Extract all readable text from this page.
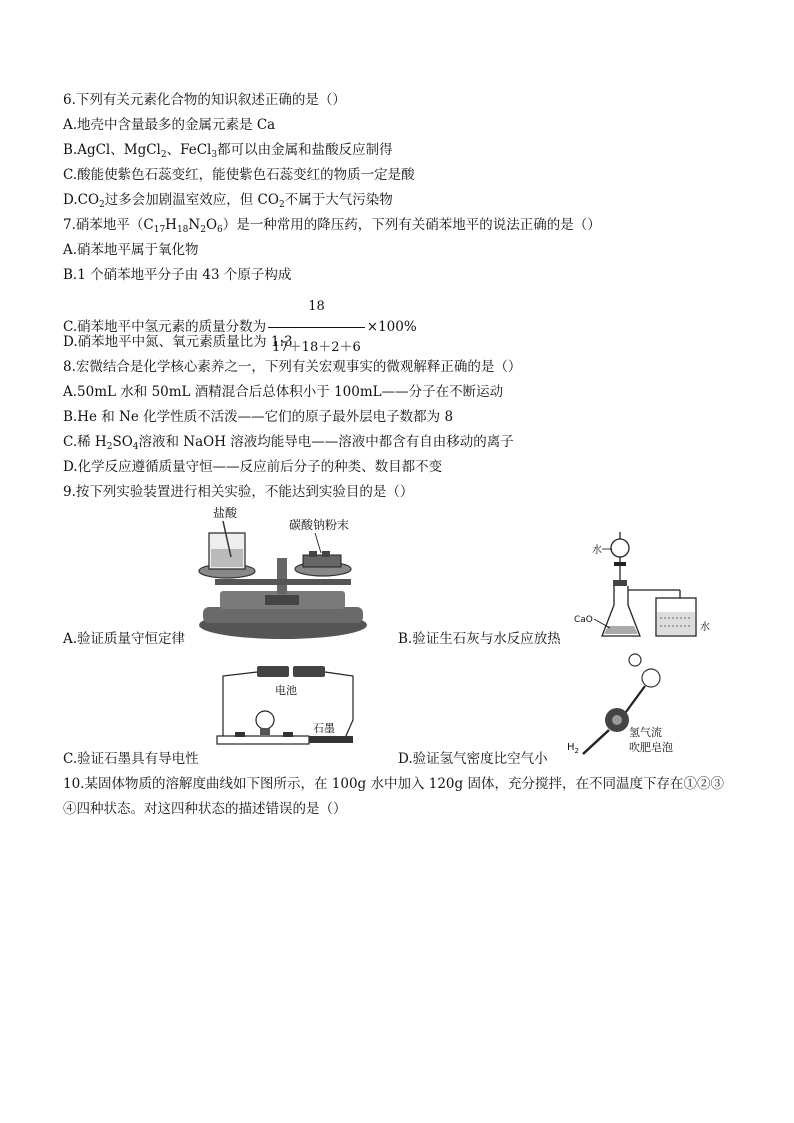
6.下列有关元素化合物的知识叙述正确的是（）
A.地壳中含量最多的金属元素是 Ca
B.AgCl、MgCl$_2$、FeCl$_3$都可以由金属和盐酸反应制得
C.酸能使紫色石蕊变红，能使紫色石蕊变红的物质一定是酸
$D.CO_2$过多会加剧温室效应，但 $CO_2$不属于大气污染物
7.硝苯地平$(C_{17}H_{18}N_2O_6)$是一种常用的降压药，下列有关硝苯地平的说法正确的是（）
A.硝苯地平属于氧化物
B.1 个硝苯地平分子由 43 个原子构成
C.硝苯地平中氢元素的质量分数为 $\frac{18}{17+18+2+6} \times 100\%$
D.硝苯地平中氮、氧元素质量比为 1:3
8.宏微结合是化学核心素养之一，下列有关宏观事实的微观解释正确的是（）
A.50mL 水和 50mL 酒精混合后总体积小于 100mL——分子在不断运动
B.He 和 Ne 化学性质不活泼——它们的原子最外层电子数都为 8
C.稀 $H_2SO_4$溶液和 NaOH 溶液均能导电——溶液中都含有自由移动的离子
D.化学反应遵循质量守恒——反应前后分子的种类、数目都不变
9.按下列实验装置进行相关实验，不能达到实验目的是（）
盐酸
碳酸钠粉末
A.验证质量守恒定律
水
CaO
水
B.验证生石灰与水反应放热
电池
石墨
C.验证石墨具有导电性
$H_2$
氢气流
吹肥皂泡
D.验证氢气密度比空气小
10.某固体物质的溶解度曲线如下图所示，在 100g 水中加入 120g 固体，充分搅拌，在不同温度下存在①②③
④四种状态。对这四种状态的描述错误的是（）
